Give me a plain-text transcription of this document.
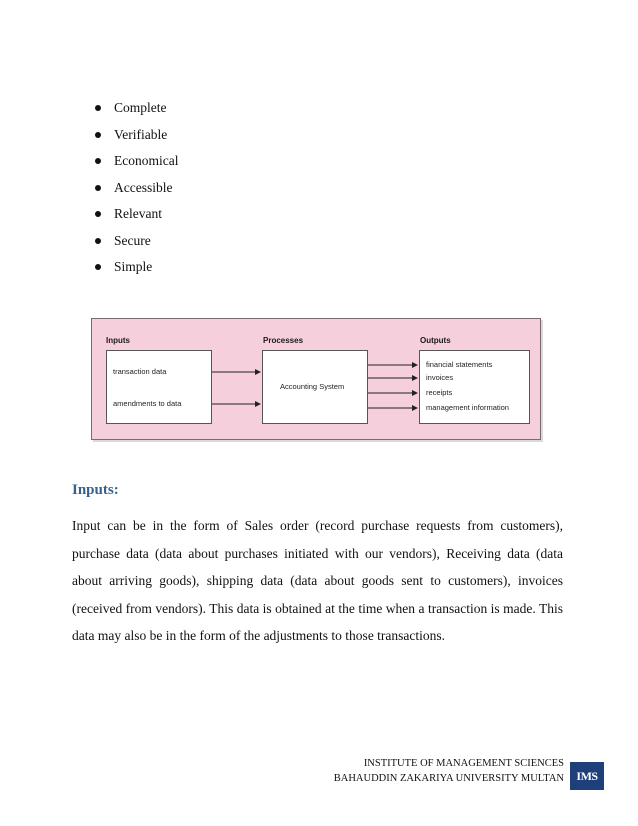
Complete
Verifiable
Economical
Accessible
Relevant
Secure
Simple
Inputs	Processes	Outputs
transaction data
amendments to data
Accounting System
financial statements
invoices
receipts
management information
Inputs:

Input can be in the form of Sales order (record purchase requests from customers), purchase data (data about purchases initiated with our vendors), Receiving data (data about arriving goods), shipping data (data about goods sent to customers), invoices (received from vendors). This data is obtained at the time when a transaction is made. This data may also be in the form of the adjustments to those transactions.

INSTITUTE OF MANAGEMENT SCIENCES
BAHAUDDIN ZAKARIYA UNIVERSITY MULTAN	IMS
